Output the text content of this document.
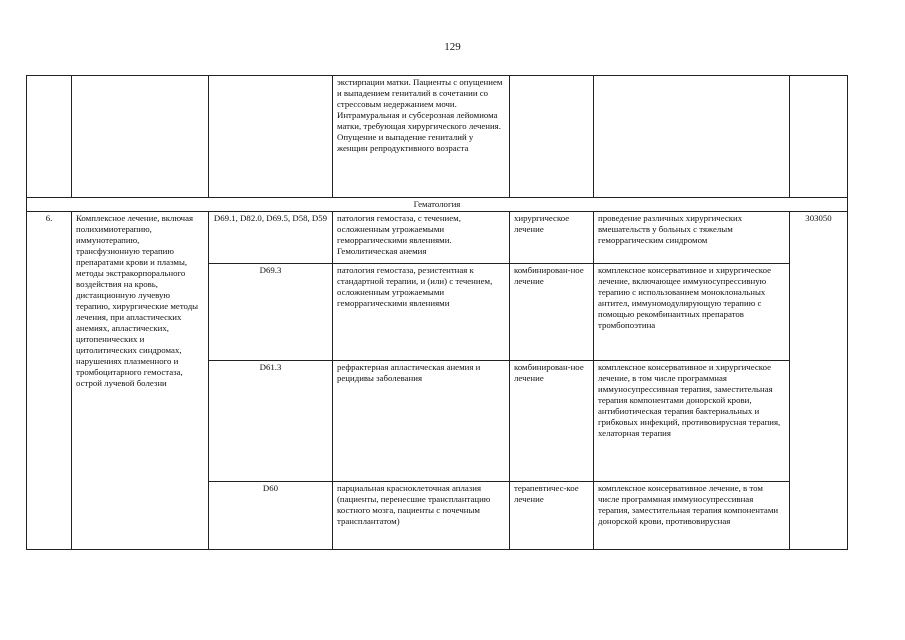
129
			экстирпации матки. Пациенты с опущением и выпадением гениталий в сочетании со стрессовым недержанием мочи. Интрамуральная и субсерозная лейомиома матки, требующая хирургического лечения. Опущение и выпадение гениталий у женщин репродуктивного возраста			
Гематология						
6.	Комплексное лечение, включая полихимиотерапию, иммунотерапию, трансфузионную терапию препаратами крови и плазмы, методы экстракорпорального воздействия на кровь, дистанционную лучевую терапию, хирургические методы лечения, при апластических анемиях, апластических, цитопенических и цитолитических синдромах, нарушениях плазменного и тромбоцитарного гемостаза, острой лучевой болезни	D69.1, D82.0, D69.5, D58, D59	патология гемостаза, с течением, осложненным угрожаемыми геморрагическими явлениями. Гемолитическая анемия	хирургическое лечение	проведение различных хирургических вмешательств у больных с тяжелым геморрагическим синдромом	303050
		D69.3	патология гемостаза, резистентная к стандартной терапии, и (или) с течением, осложненным угрожаемыми геморрагическими явлениями	комбинирован-ное лечение	комплексное консервативное и хирургическое лечение, включающее иммуносупрессивную терапию с использованием моноклональных антител, иммуномодулирующую терапию с помощью рекомбинантных препаратов тромбопоэтина	
		D61.3	рефрактерная апластическая анемия и рецидивы заболевания	комбинирован-ное лечение	комплексное консервативное и хирургическое лечение, в том числе программная иммуносупрессивная терапия, заместительная терапия компонентами донорской крови, антибиотическая терапия бактериальных и грибковых инфекций, противовирусная терапия, хелаторная терапия	
		D60	парциальная красноклеточная аплазия (пациенты, перенесшие трансплантацию костного мозга, пациенты с почечным трансплантатом)	терапевтичес-кое лечение	комплексное консервативное лечение, в том числе программная иммуносупрессивная терапия, заместительная терапия компонентами донорской крови, противовирусная	
